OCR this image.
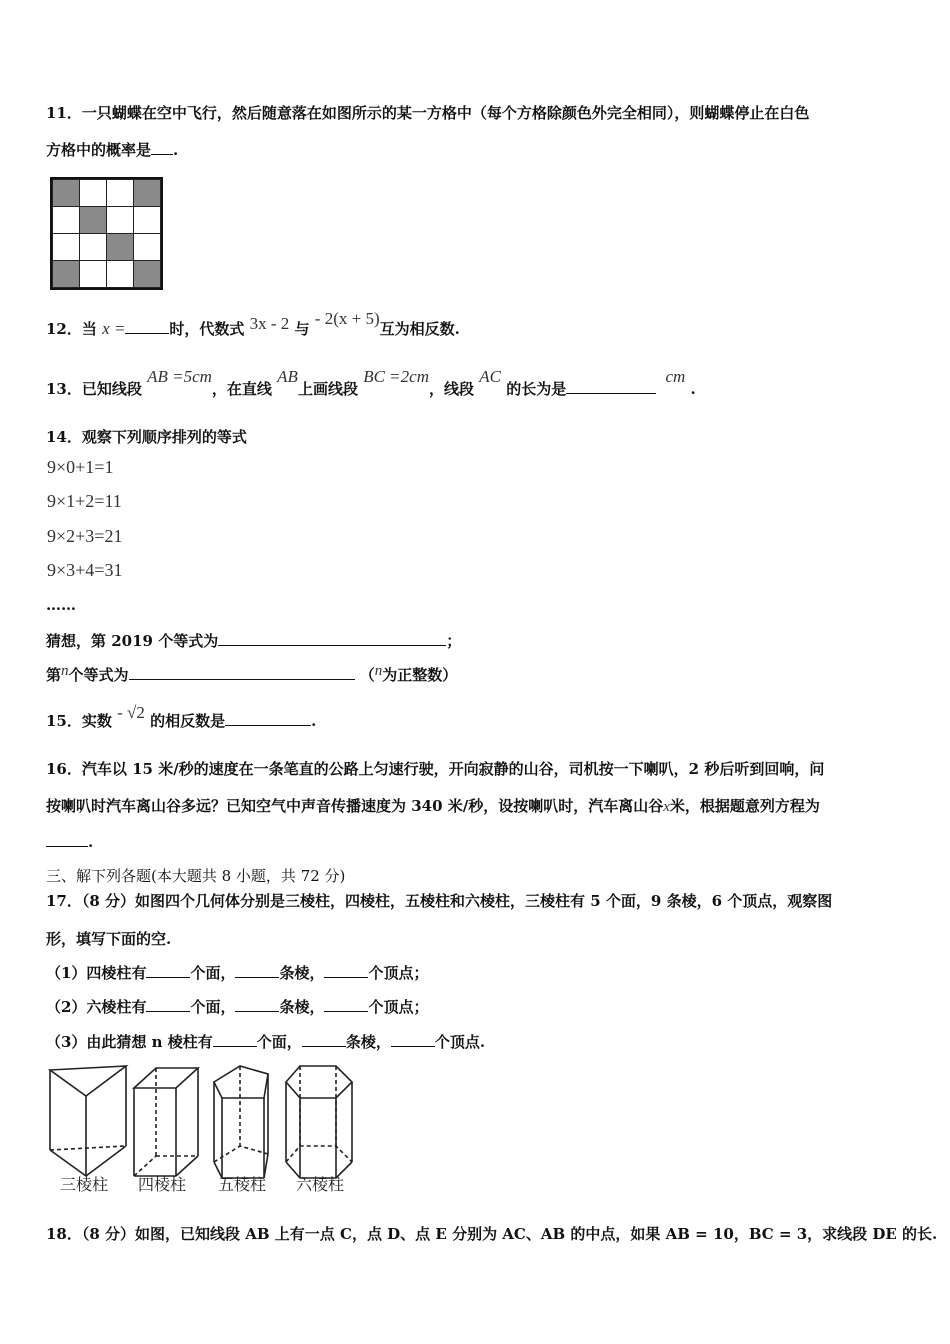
11．一只蝴蝶在空中飞行，然后随意落在如图所示的某一方格中（每个方格除颜色外完全相同），则蝴蝶停止在白色
方格中的概率是 .

12．当 x =	时，代数式 3x - 2 与 - 2(x + 5)互为相反数.
13．已知线段 AB =5cm，在直线 AB上画线段 BC =2cm，线段 AC 的长为是 cm .
14．观察下列顺序排列的等式
9×0+1=1
9×1+2=11
9×2+3=21
9×3+4=31
……
猜想，第 2019 个等式为	；
第n个等式为	（n为正整数）
15．实数 - √2 的相反数是	.
16．汽车以 15 米/秒的速度在一条笔直的公路上匀速行驶，开向寂静的山谷，司机按一下喇叭，2 秒后听到回响，问
按喇叭时汽车离山谷多远？已知空气中声音传播速度为 340 米/秒，设按喇叭时，汽车离山谷x米，根据题意列方程为
.
三、解下列各题(本大题共 8 小题，共 72 分)
17．（8 分）如图四个几何体分别是三棱柱，四棱柱，五棱柱和六棱柱，三棱柱有 5 个面，9 条棱，6 个顶点，观察图
形，填写下面的空.
（1）四棱柱有	个面，	条棱，	个顶点；
（2）六棱柱有	个面，	条棱，	个顶点；
（3）由此猜想 n 棱柱有	个面，	条棱，	个顶点.
三棱柱 四棱柱 五棱柱 六棱柱
18．（8 分）如图，已知线段 AB 上有一点 C，点 D、点 E 分别为 AC、AB 的中点，如果 AB = 10，BC = 3，求线段 DE 的长.
